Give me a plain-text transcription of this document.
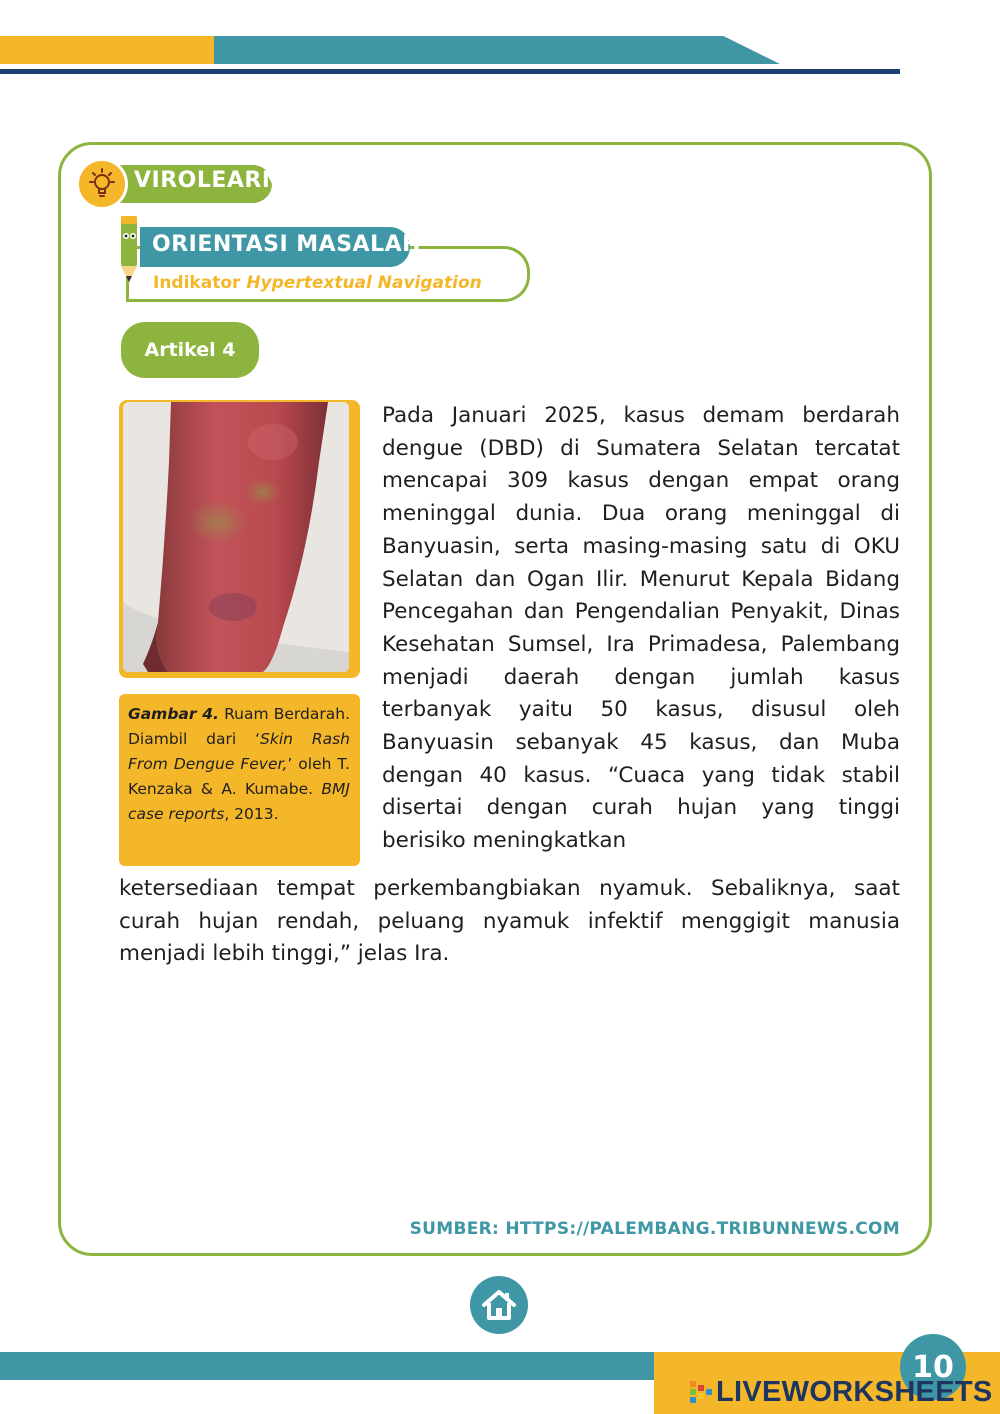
VIROLEARN
ORIENTASI MASALAH
Indikator Hypertextual Navigation
Artikel 4

Gambar 4. Ruam Berdarah. Diambil dari ‘Skin Rash From Dengue Fever,’ oleh T. Kenzaka & A. Kumabe. BMJ case reports, 2013.

Pada Januari 2025, kasus demam berdarah dengue (DBD) di Sumatera Selatan tercatat mencapai 309 kasus dengan empat orang meninggal dunia. Dua orang meninggal di Banyuasin, serta masing-masing satu di OKU Selatan dan Ogan Ilir. Menurut Kepala Bidang Pencegahan dan Pengendalian Penyakit, Dinas Kesehatan Sumsel, Ira Primadesa, Palembang menjadi daerah dengan jumlah kasus terbanyak yaitu 50 kasus, disusul oleh Banyuasin sebanyak 45 kasus, dan Muba dengan 40 kasus. “Cuaca yang tidak stabil disertai dengan curah hujan yang tinggi berisiko meningkatkan

ketersediaan tempat perkembangbiakan nyamuk. Sebaliknya, saat curah hujan rendah, peluang nyamuk infektif menggigit manusia menjadi lebih tinggi,” jelas Ira.

SUMBER: HTTPS://PALEMBANG.TRIBUNNEWS.COM
10
LIVEWORKSHEETS
